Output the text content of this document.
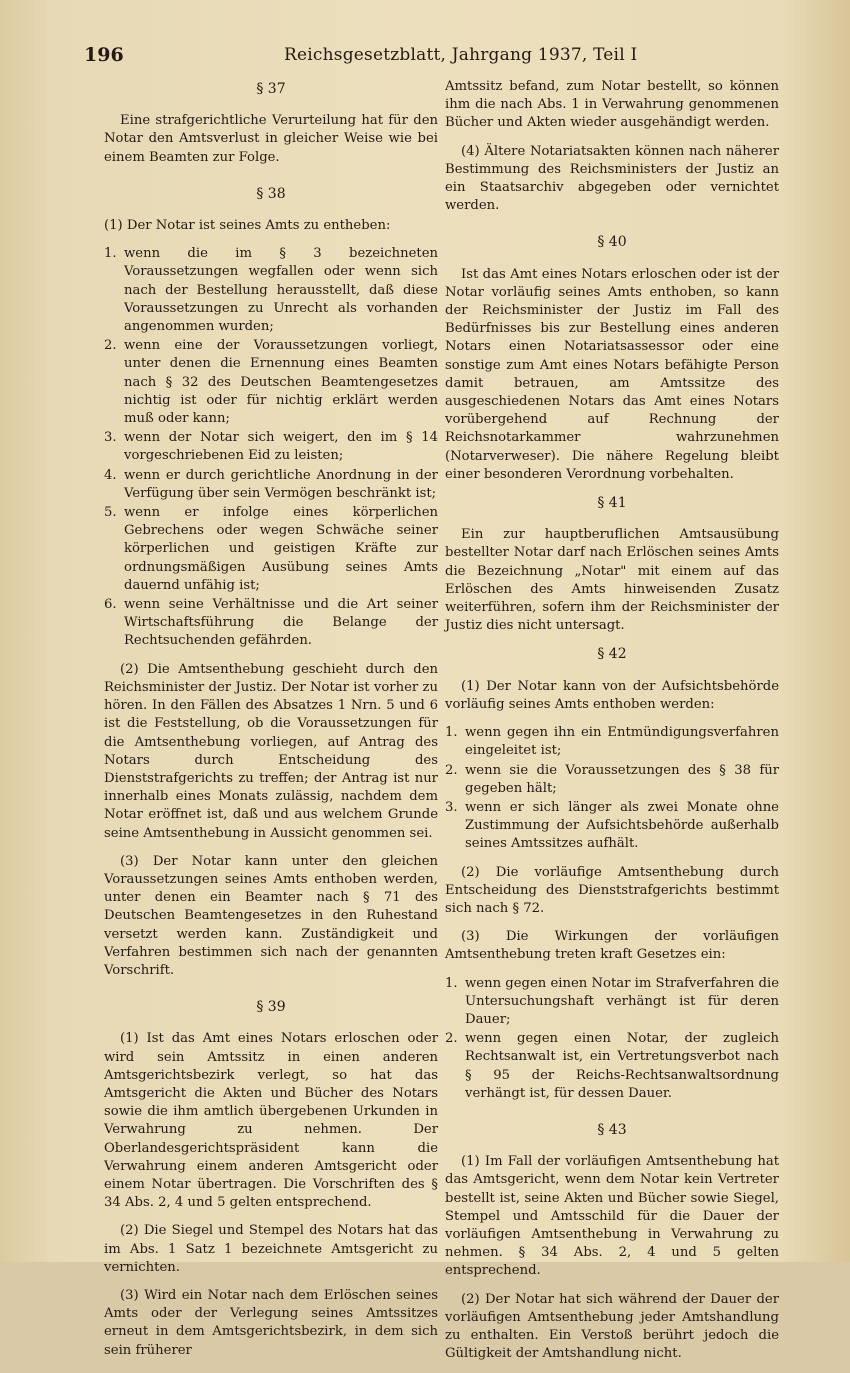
196	Reichsgesetzblatt, Jahrgang 1937, Teil I
§ 37

Eine strafgerichtliche Verurteilung hat für den Notar den Amtsverlust in gleicher Weise wie bei einem Beamten zur Folge.

§ 38

(1) Der Notar ist seines Amts zu entheben:

1. wenn die im § 3 bezeichneten Voraussetzungen wegfallen oder wenn sich nach der Bestellung herausstellt, daß diese Voraussetzungen zu Unrecht als vorhanden angenommen wurden;
2. wenn eine der Voraussetzungen vorliegt, unter denen die Ernennung eines Beamten nach § 32 des Deutschen Beamtengesetzes nichtig ist oder für nichtig erklärt werden muß oder kann;
3. wenn der Notar sich weigert, den im § 14 vorgeschriebenen Eid zu leisten;
4. wenn er durch gerichtliche Anordnung in der Verfügung über sein Vermögen beschränkt ist;
5. wenn er infolge eines körperlichen Gebrechens oder wegen Schwäche seiner körperlichen und geistigen Kräfte zur ordnungsmäßigen Ausübung seines Amts dauernd unfähig ist;
6. wenn seine Verhältnisse und die Art seiner Wirtschaftsführung die Belange der Rechtsuchenden gefährden.

(2) Die Amtsenthebung geschieht durch den Reichsminister der Justiz. Der Notar ist vorher zu hören. In den Fällen des Absatzes 1 Nrn. 5 und 6 ist die Feststellung, ob die Voraussetzungen für die Amtsenthebung vorliegen, auf Antrag des Notars durch Entscheidung des Dienststrafgerichts zu treffen; der Antrag ist nur innerhalb eines Monats zulässig, nachdem dem Notar eröffnet ist, daß und aus welchem Grunde seine Amtsenthebung in Aussicht genommen sei.

(3) Der Notar kann unter den gleichen Voraussetzungen seines Amts enthoben werden, unter denen ein Beamter nach § 71 des Deutschen Beamtengesetzes in den Ruhestand versetzt werden kann. Zuständigkeit und Verfahren bestimmen sich nach der genannten Vorschrift.

§ 39

(1) Ist das Amt eines Notars erloschen oder wird sein Amtssitz in einen anderen Amtsgerichtsbezirk verlegt, so hat das Amtsgericht die Akten und Bücher des Notars sowie die ihm amtlich übergebenen Urkunden in Verwahrung zu nehmen. Der Oberlandesgerichtspräsident kann die Verwahrung einem anderen Amtsgericht oder einem Notar übertragen. Die Vorschriften des § 34 Abs. 2, 4 und 5 gelten entsprechend.

(2) Die Siegel und Stempel des Notars hat das im Abs. 1 Satz 1 bezeichnete Amtsgericht zu vernichten.

(3) Wird ein Notar nach dem Erlöschen seines Amts oder der Verlegung seines Amtssitzes erneut in dem Amtsgerichtsbezirk, in dem sich sein früherer

Amtssitz befand, zum Notar bestellt, so können ihm die nach Abs. 1 in Verwahrung genommenen Bücher und Akten wieder ausgehändigt werden.

(4) Ältere Notariatsakten können nach näherer Bestimmung des Reichsministers der Justiz an ein Staatsarchiv abgegeben oder vernichtet werden.

§ 40

Ist das Amt eines Notars erloschen oder ist der Notar vorläufig seines Amts enthoben, so kann der Reichsminister der Justiz im Fall des Bedürfnisses bis zur Bestellung eines anderen Notars einen Notariatsassessor oder eine sonstige zum Amt eines Notars befähigte Person damit betrauen, am Amtssitze des ausgeschiedenen Notars das Amt eines Notars vorübergehend auf Rechnung der Reichsnotarkammer wahrzunehmen (Notarverweser). Die nähere Regelung bleibt einer besonderen Verordnung vorbehalten.

§ 41

Ein zur hauptberuflichen Amtsausübung bestellter Notar darf nach Erlöschen seines Amts die Bezeichnung „Notar" mit einem auf das Erlöschen des Amts hinweisenden Zusatz weiterführen, sofern ihm der Reichsminister der Justiz dies nicht untersagt.

§ 42

(1) Der Notar kann von der Aufsichtsbehörde vorläufig seines Amts enthoben werden:

1. wenn gegen ihn ein Entmündigungsverfahren eingeleitet ist;
2. wenn sie die Voraussetzungen des § 38 für gegeben hält;
3. wenn er sich länger als zwei Monate ohne Zustimmung der Aufsichtsbehörde außerhalb seines Amtssitzes aufhält.

(2) Die vorläufige Amtsenthebung durch Entscheidung des Dienststrafgerichts bestimmt sich nach § 72.

(3) Die Wirkungen der vorläufigen Amtsenthebung treten kraft Gesetzes ein:

1. wenn gegen einen Notar im Strafverfahren die Untersuchungshaft verhängt ist für deren Dauer;
2. wenn gegen einen Notar, der zugleich Rechtsanwalt ist, ein Vertretungsverbot nach § 95 der Reichs-Rechtsanwaltsordnung verhängt ist, für dessen Dauer.
§ 43

(1) Im Fall der vorläufigen Amtsenthebung hat das Amtsgericht, wenn dem Notar kein Vertreter bestellt ist, seine Akten und Bücher sowie Siegel, Stempel und Amtsschild für die Dauer der vorläufigen Amtsenthebung in Verwahrung zu nehmen. § 34 Abs. 2, 4 und 5 gelten entsprechend.

(2) Der Notar hat sich während der Dauer der vorläufigen Amtsenthebung jeder Amtshandlung zu enthalten. Ein Verstoß berührt jedoch die Gültigkeit der Amtshandlung nicht.
